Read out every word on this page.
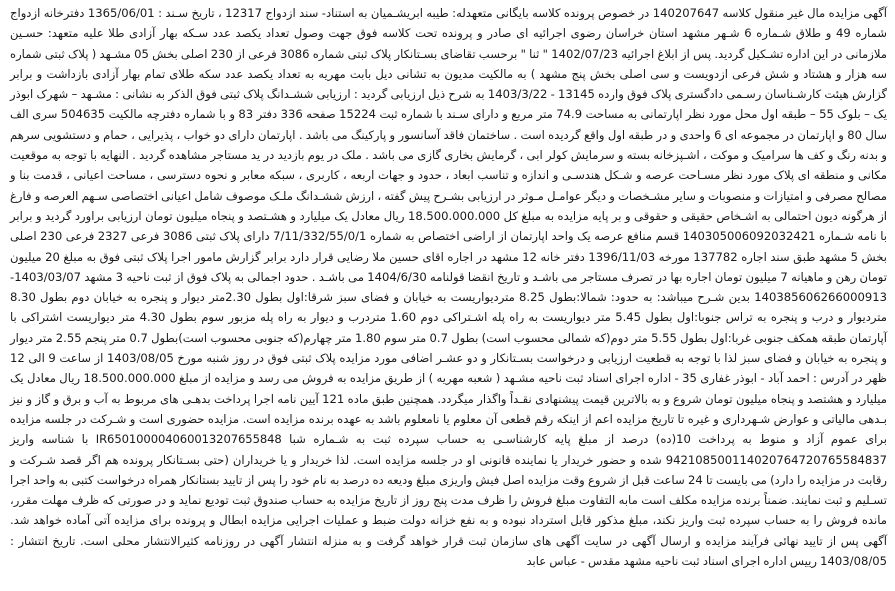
آگهی مزایده مال غیر منقول کلاسه 140207647 در خصوص پرونده کلاسه بایگانی متعهدله: طیبه ابریشـمیان به استناد- سند ازدواج 12317 ، تاریخ سـند : 1365/06/01 دفترخانه ازدواج شماره 49 و طلاق شـماره 6 شـهر مشهد استان خراسان رضوی اجرائیه ای صادر و پرونده تحت کلاسه فوق جهت وصول تعداد یکصد عدد سـکه بهار آزادی طلا علیه متعهد: حسـین ملازمانی در این اداره تشـکیل گردید. پس از ابلاغ اجرائیه 1402/07/23 " ثنا " برحسب تقاضای بسـتانکار پلاک ثبتی شماره 3086 فرعی از 230 اصلی بخش 05 مشـهد ( پلاک ثبتی شماره سه هزار و هشتاد و شش فرعی ازدویست و سی اصلی بخش پنج مشهد ) به مالکیت مدیون به تشانی دیل بابت مهریه به تعداد یکصد عدد سکه طلای تمام بهار آزادی بازداشت و برابر گزارش هیئت کارشـناسان رسـمی دادگستری پلاک فوق وارده 13145 - 1403/3/22 به شرح ذیل ارزیابی گردید : ارزیابی ششـدانگ پلاک ثبتی فوق الذکر به نشانی : مشـهد – شهرک ابوذر یک – بلوک 55 – طبقه اول محل مورد نظر اپارتمانی به مساحت 74.9 متر مربع و دارای سـند با شماره ثبت 15224 صفحه 336 دفتر 83 و با شماره دفترچه مالکیت 504635 سری الف سال 80 و اپارتمان در مجموعه ای 6 واحدی و در طبقه اول واقع گردیده است . ساختمان فاقد آسانسور و پارکینگ می باشد . اپارتمان دارای دو خواب ، پذیرایی ، حمام و دستشویی سرهم و بدنه رنگ و کف ها سرامیک و موکت ، اشـپزخانه بسته و سرمایش کولر ابی ، گرمایش بخاری گازی می باشد . ملک در یوم بازدید در ید مستاجر مشاهده گردید . النهایه با توجه به موقعیت مکانی و منطقه ای پلاک مورد نظر مسـاحت عرصه و شـکل هندسـی و اندازه و تناسب ابعاد ، حدود و جهات اربعه ، کاربری ، سبکه معابر و نحوه دسترسی ، مساحت اعیانی ، قدمت بنا و مصالح مصرفی و امتیازات و منصوبات و سایر مشـخصات و دیگر عوامـل مـوثر در ارزیابی بشـرح پیش گفته ، ارزش ششـدانگ ملـک موصوف شامل اعیانی اختصاصی سـهم العرصه و فارغ از هرگونه دیون احتمالی به اشـخاص حقیقی و حقوقی و بر پایه مزایده به مبلغ کل 18.500.000.000 ریال معادل یک میلیارد و هشـتصد و پنجاه میلیون تومان ارزیابی براورد گردید و برابر با نامه شـماره 140305006092032421 قسم منافع عرصه یک واحد اپارتمان از اراضی اختصاص به شماره 7/11/332/55/0/1 دارای پلاک ثبتی 3086 فرعی 2327 فرعی 230 اصلی بخش 5 مشهد طبق سند اجاره 137782 مورخه 1396/11/03 دفتر خانه 12 مشهد در اجاره اقای حسین ملا رضایی قرار دارد برابر گزارش مامور اجرا پلاک ثبتی فوق به مبلغ 20 میلیون تومان رهن و ماهیانه 7 میلیون تومان اجاره بها در تصرف مستاجر می باشـد و تاریخ انقضا قولنامه 1404/6/30 می باشـد . حدود اجمالی به پلاک فوق از ثبت ناحیه 3 مشهد 1403/03/07- 140385606266000913 بدین شـرح میباشد: به حدود: شمالا:بطول 8.25 متردیواریست به خیابان و فضای سبز شرقا:اول بطول 2.30متر دیوار و پنجره به خیابان دوم بطول 8.30 متردیوار و درب و پنجره به تراس جنوبا:اول بطول 5.45 متر دیواریست به راه پله اشـتراکی دوم 1.60 متردرب و دیوار به راه پله مزبور سوم بطول 4.30 متر دیواریست اشتراکی با آپارتمان طبقه همکف جنوبی غربا:اول بطول 5.55 متر دوم(که شمالی محسوب است) بطول 0.7 متر سوم 1.80 متر چهارم(که جنوبی محسوب است)بطول 0.7 متر پنجم 2.55 متر دیوار و پنجره به خیابان و فضای سبز لذا با توجه به قطعیت ارزیابی و درخواست بسـتانکار و دو عشـر اضافی مورد مزایده پلاک ثبتی فوق در روز شنبه مورخ 1403/08/05 از ساعت 9 الی 12 ظهر در آدرس : احمد آباد - ابوذر غفاری 35 - اداره اجرای اسناد ثبت ناحیه مشـهد ( شعبه مهریه ) از طریق مزایده به فروش می رسد و مزایده از مبلغ 18.500.000.000 ریال معادل یک میلیارد و هشتصد و پنجاه میلیون تومان شروع و به بالاترین قیمت پیشنهادی نقـداً واگذار میگردد. همچنین طبق ماده 121 آیین نامه اجرا پرداخت بدهـی های مربوط به آب و برق و گاز و نیز بـدهی مالیاتی و عوارض شـهرداری و غیره تا تاریخ مزایده اعم از اینکه رقم قطعی آن معلوم یا نامعلوم باشد به عهده برنده مزایده است. مزایده حضوری است و شـرکت در جلسه مزایده برای عموم آزاد و منوط به پرداخت 10(ده) درصد از مبلغ پایه کارشناسـی به حساب سپرده ثبت به شـماره شبا IR650100004060013207655848 با شناسه واریز 942108500114020764720765584837 شده و حضور خریدار یا نماینده قانونی او در جلسه مزایده است. لذا خریدار و یا خریداران (حتی بسـتانکار پرونده هم اگر قصد شـرکت و رقابت در مزایده را دارد) می بایست تا 24 ساعت قبل از شروع وقت مزایده اصل فیش واریزی مبلغ ودیعه ده درصد به نام خود را پس از تایید بستانکار همراه درخواست کتبی به واحد اجرا تسـلیم و ثبت نمایند. ضمناً برنده مزایده مکلف است مابه التفاوت مبلغ فروش را ظرف مدت پنج روز از تاریخ مزایده به حساب صندوق ثبت تودیع نماید و در صورتی که ظرف مهلت مقرر، مانده فروش را به حساب سپرده ثبت واریز نکند، مبلغ مذکور قابل استرداد نبوده و به نفع خزانه دولت ضبط و عملیات اجرایی مزایده ابطال و پرونده برای مزایده آتی آماده خواهد شد. آگهی پس از تایید نهائی فرآیند مزایده و ارسال آگهی در سایت آگهی های سازمان ثبت قرار خواهد گرفت و به منزله انتشار آگهی در روزنامه کثیرالانتشار محلی است. تاریخ انتشار : 1403/08/05 رییس اداره اجرای اسناد ثبت ناحیه مشهد مقدس - عباس عابد
